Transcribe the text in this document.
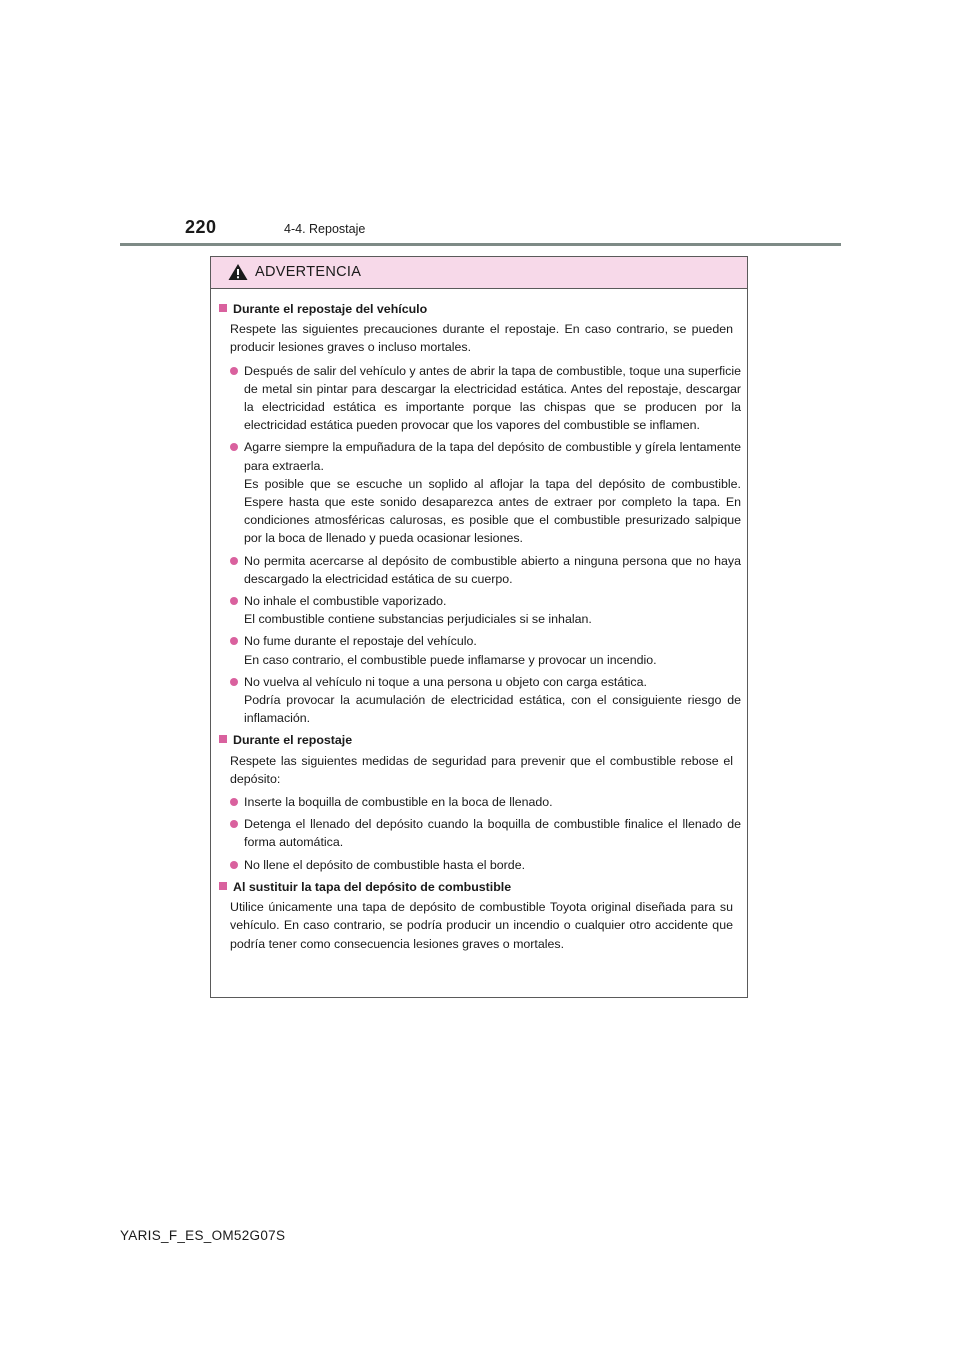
220	4-4. Repostaje
ADVERTENCIA
Durante el repostaje del vehículo
Respete las siguientes precauciones durante el repostaje. En caso contrario, se pueden producir lesiones graves o incluso mortales.

Después de salir del vehículo y antes de abrir la tapa de combustible, toque una superficie de metal sin pintar para descargar la electricidad estática. Antes del repostaje, descargar la electricidad estática es importante porque las chispas que se producen por la electricidad estática pueden provocar que los vapores del combustible se inflamen.

Agarre siempre la empuñadura de la tapa del depósito de combustible y gírela lentamente para extraerla.

Es posible que se escuche un soplido al aflojar la tapa del depósito de combustible. Espere hasta que este sonido desaparezca antes de extraer por completo la tapa. En condiciones atmosféricas calurosas, es posible que el combustible presurizado salpique por la boca de llenado y pueda ocasionar lesiones.

No permita acercarse al depósito de combustible abierto a ninguna persona que no haya descargado la electricidad estática de su cuerpo.

No inhale el combustible vaporizado.

El combustible contiene substancias perjudiciales si se inhalan.

No fume durante el repostaje del vehículo.

En caso contrario, el combustible puede inflamarse y provocar un incendio.

No vuelva al vehículo ni toque a una persona u objeto con carga estática.

Podría provocar la acumulación de electricidad estática, con el consiguiente riesgo de inflamación.

Durante el repostaje
Respete las siguientes medidas de seguridad para prevenir que el combustible rebose el depósito:

Inserte la boquilla de combustible en la boca de llenado.

Detenga el llenado del depósito cuando la boquilla de combustible finalice el llenado de forma automática.

No llene el depósito de combustible hasta el borde.

Al sustituir la tapa del depósito de combustible
Utilice únicamente una tapa de depósito de combustible Toyota original diseñada para su vehículo. En caso contrario, se podría producir un incendio o cualquier otro accidente que podría tener como consecuencia lesiones graves o mortales.
YARIS_F_ES_OM52G07S
